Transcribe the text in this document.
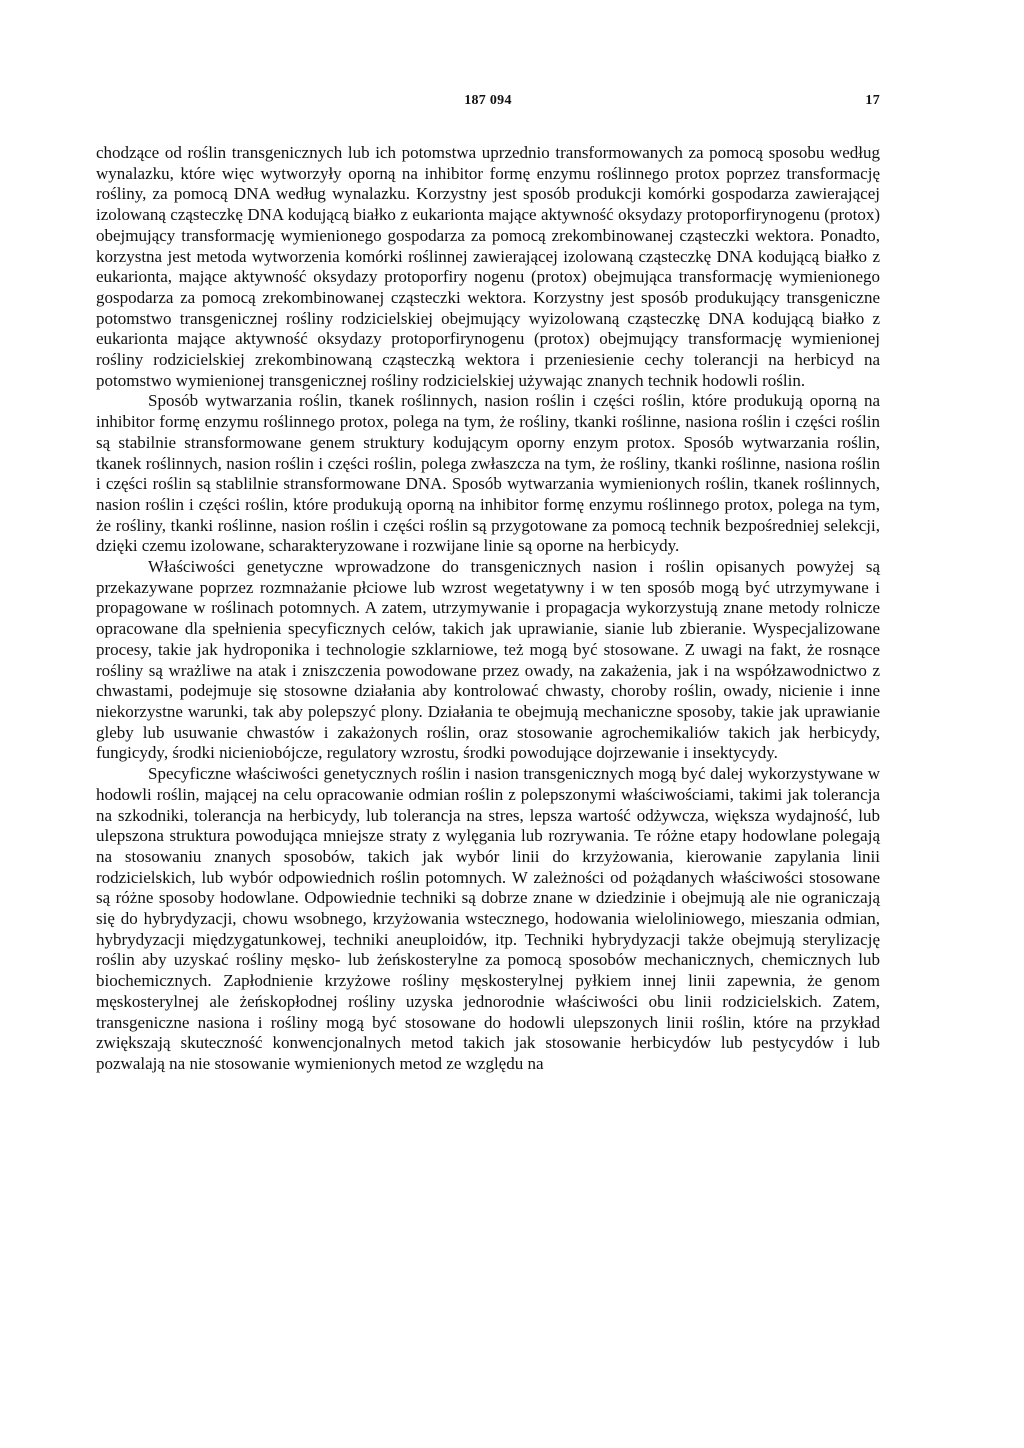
187 094	17

chodzące od roślin transgenicznych lub ich potomstwa uprzednio transformowanych za pomocą sposobu według wynalazku, które więc wytworzyły oporną na inhibitor formę enzymu roślinnego protox poprzez transformację rośliny, za pomocą DNA według wynalazku. Korzystny jest sposób produkcji komórki gospodarza zawierającej izolowaną cząsteczkę DNA kodującą białko z eukarionta mające aktywność oksydazy protoporfirynogenu (protox) obejmujący transformację wymienionego gospodarza za pomocą zrekombinowanej cząsteczki wektora. Ponadto, korzystna jest metoda wytworzenia komórki roślinnej zawierającej izolowaną cząsteczkę DNA kodującą białko z eukarionta, mające aktywność oksydazy protoporfiry nogenu (protox) obejmująca transformację wymienionego gospodarza za pomocą zrekombinowanej cząsteczki wektora. Korzystny jest sposób produkujący transgeniczne potomstwo transgenicznej rośliny rodzicielskiej obejmujący wyizolowaną cząsteczkę DNA kodującą białko z eukarionta mające aktywność oksydazy protoporfirynogenu (protox) obejmujący transformację wymienionej rośliny rodzicielskiej zrekombinowaną cząsteczką wektora i przeniesienie cechy tolerancji na herbicyd na potomstwo wymienionej transgenicznej rośliny rodzicielskiej używając znanych technik hodowli roślin.

Sposób wytwarzania roślin, tkanek roślinnych, nasion roślin i części roślin, które produkują oporną na inhibitor formę enzymu roślinnego protox, polega na tym, że rośliny, tkanki roślinne, nasiona roślin i części roślin są stabilnie stransformowane genem struktury kodującym oporny enzym protox. Sposób wytwarzania roślin, tkanek roślinnych, nasion roślin i części roślin, polega zwłaszcza na tym, że rośliny, tkanki roślinne, nasiona roślin i części roślin są stablilnie stransformowane DNA. Sposób wytwarzania wymienionych roślin, tkanek roślinnych, nasion roślin i części roślin, które produkują oporną na inhibitor formę enzymu roślinnego protox, polega na tym, że rośliny, tkanki roślinne, nasion roślin i części roślin są przygotowane za pomocą technik bezpośredniej selekcji, dzięki czemu izolowane, scharakteryzowane i rozwijane linie są oporne na herbicydy.

Właściwości genetyczne wprowadzone do transgenicznych nasion i roślin opisanych powyżej są przekazywane poprzez rozmnażanie płciowe lub wzrost wegetatywny i w ten sposób mogą być utrzymywane i propagowane w roślinach potomnych. A zatem, utrzymywanie i propagacja wykorzystują znane metody rolnicze opracowane dla spełnienia specyficznych celów, takich jak uprawianie, sianie lub zbieranie. Wyspecjalizowane procesy, takie jak hydroponika i technologie szklarniowe, też mogą być stosowane. Z uwagi na fakt, że rosnące rośliny są wrażliwe na atak i zniszczenia powodowane przez owady, na zakażenia, jak i na współzawodnictwo z chwastami, podejmuje się stosowne działania aby kontrolować chwasty, choroby roślin, owady, nicienie i inne niekorzystne warunki, tak aby polepszyć plony. Działania te obejmują mechaniczne sposoby, takie jak uprawianie gleby lub usuwanie chwastów i zakażonych roślin, oraz stosowanie agrochemikaliów takich jak herbicydy, fungicydy, środki nicieniobójcze, regulatory wzrostu, środki powodujące dojrzewanie i insektycydy.

Specyficzne właściwości genetycznych roślin i nasion transgenicznych mogą być dalej wykorzystywane w hodowli roślin, mającej na celu opracowanie odmian roślin z polepszonymi właściwościami, takimi jak tolerancja na szkodniki, tolerancja na herbicydy, lub tolerancja na stres, lepsza wartość odżywcza, większa wydajność, lub ulepszona struktura powodująca mniejsze straty z wylęgania lub rozrywania. Te różne etapy hodowlane polegają na stosowaniu znanych sposobów, takich jak wybór linii do krzyżowania, kierowanie zapylania linii rodzicielskich, lub wybór odpowiednich roślin potomnych. W zależności od pożądanych właściwości stosowane są różne sposoby hodowlane. Odpowiednie techniki są dobrze znane w dziedzinie i obejmują ale nie ograniczają się do hybrydyzacji, chowu wsobnego, krzyżowania wstecznego, hodowania wieloliniowego, mieszania odmian, hybrydyzacji międzygatunkowej, techniki aneuploidów, itp. Techniki hybrydyzacji także obejmują sterylizację roślin aby uzyskać rośliny męsko- lub żeńskosterylne za pomocą sposobów mechanicznych, chemicznych lub biochemicznych. Zapłodnienie krzyżowe rośliny męskosterylnej pyłkiem innej linii zapewnia, że genom męskosterylnej ale żeńskopłodnej rośliny uzyska jednorodnie właściwości obu linii rodzicielskich. Zatem, transgeniczne nasiona i rośliny mogą być stosowane do hodowli ulepszonych linii roślin, które na przykład zwiększają skuteczność konwencjonalnych metod takich jak stosowanie herbicydów lub pestycydów i lub pozwalają na nie stosowanie wymienionych metod ze względu na
